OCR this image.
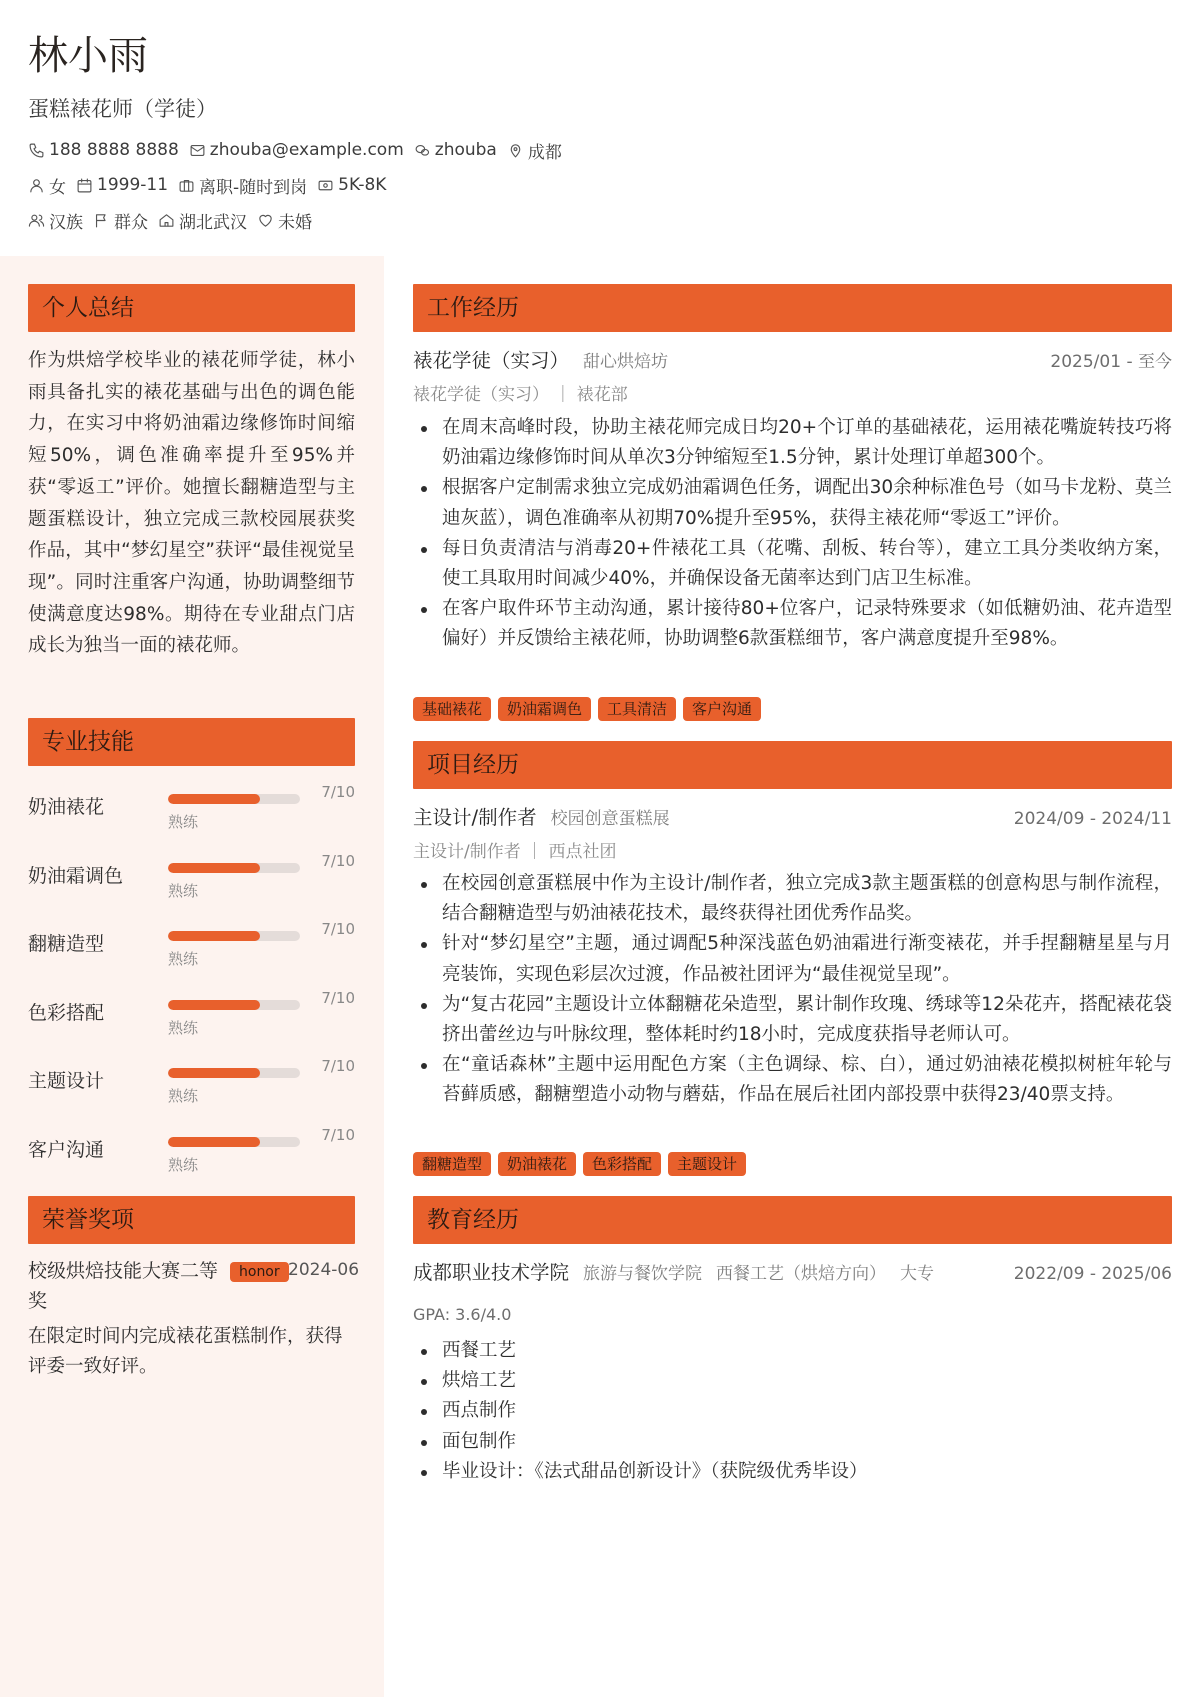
林小雨
蛋糕裱花师（学徒）
188 8888 8888 zhouba@example.com zhouba 成都
女 1999-11 离职-随时到岗 5K-8K
汉族 群众 湖北武汉 未婚
个人总结
作为烘焙学校毕业的裱花师学徒，林小雨具备扎实的裱花基础与出色的调色能力，在实习中将奶油霜边缘修饰时间缩短50%，调色准确率提升至95%并获“零返工”评价。她擅长翻糖造型与主题蛋糕设计，独立完成三款校园展获奖作品，其中“梦幻星空”获评“最佳视觉呈现”。同时注重客户沟通，协助调整细节使满意度达98%。期待在专业甜点门店成长为独当一面的裱花师。
专业技能
奶油裱花
7/10
熟练
奶油霜调色
7/10
熟练
翻糖造型
7/10
熟练
色彩搭配
7/10
熟练
主题设计
7/10
熟练
客户沟通
7/10
熟练
荣誉奖项
校级烘焙技能大赛二等奖
honor 2024-06
在限定时间内完成裱花蛋糕制作，获得评委一致好评。
工作经历
裱花学徒（实习） 甜心烘焙坊	2025/01 - 至今
裱花学徒（实习） ｜ 裱花部
在周末高峰时段，协助主裱花师完成日均20+个订单的基础裱花，运用裱花嘴旋转技巧将奶油霜边缘修饰时间从单次3分钟缩短至1.5分钟，累计处理订单超300个。
根据客户定制需求独立完成奶油霜调色任务，调配出30余种标准色号（如马卡龙粉、莫兰迪灰蓝），调色准确率从初期70%提升至95%，获得主裱花师“零返工”评价。
每日负责清洁与消毒20+件裱花工具（花嘴、刮板、转台等），建立工具分类收纳方案，使工具取用时间减少40%，并确保设备无菌率达到门店卫生标准。
在客户取件环节主动沟通，累计接待80+位客户，记录特殊要求（如低糖奶油、花卉造型偏好）并反馈给主裱花师，协助调整6款蛋糕细节，客户满意度提升至98%。
基础裱花	奶油霜调色	工具清洁	客户沟通
项目经历
主设计/制作者 校园创意蛋糕展	2024/09 - 2024/11
主设计/制作者 ｜ 西点社团
在校园创意蛋糕展中作为主设计/制作者，独立完成3款主题蛋糕的创意构思与制作流程，结合翻糖造型与奶油裱花技术，最终获得社团优秀作品奖。
针对“梦幻星空”主题，通过调配5种深浅蓝色奶油霜进行渐变裱花，并手捏翻糖星星与月亮装饰，实现色彩层次过渡，作品被社团评为“最佳视觉呈现”。
为“复古花园”主题设计立体翻糖花朵造型，累计制作玫瑰、绣球等12朵花卉，搭配裱花袋挤出蕾丝边与叶脉纹理，整体耗时约18小时，完成度获指导老师认可。
在“童话森林”主题中运用配色方案（主色调绿、棕、白），通过奶油裱花模拟树桩年轮与苔藓质感，翻糖塑造小动物与蘑菇，作品在展后社团内部投票中获得23/40票支持。
翻糖造型	奶油裱花	色彩搭配	主题设计
教育经历
成都职业技术学院 旅游与餐饮学院 西餐工艺（烘焙方向） 大专	2022/09 - 2025/06
GPA: 3.6/4.0
西餐工艺
烘焙工艺
西点制作
面包制作
毕业设计：《法式甜品创新设计》（获院级优秀毕设）
